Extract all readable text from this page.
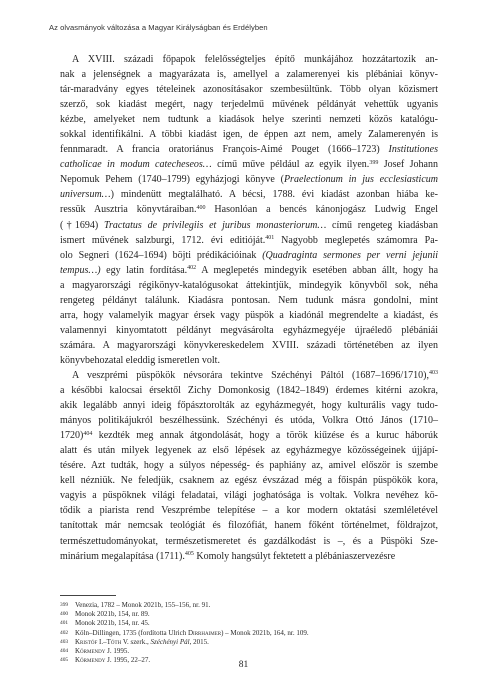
Az olvasmányok változása a Magyar Királyságban és Erdélyben
A XVIII. századi főpapok felelősségteljes építő munkájához hozzátartozik an-
nak a jelenségnek a magyarázata is, amellyel a zalamerenyei kis plébániai könyv-
tár-maradvány egyes tételeinek azonosításakor szembesültünk. Több olyan közismert
szerző, sok kiadást megért, nagy terjedelmű művének példányát vehettük ugyanis
kézbe, amelyeket nem tudtunk a kiadások helye szerinti nemzeti közös katalógu-
sokkal identifikálni. A többi kiadást igen, de éppen azt nem, amely Zalamerenyén is
fennmaradt. A francia oratoriánus François-Aimé Pouget (1666–1723) Institutiones
catholicae in modum catecheseos… című műve például az egyik ilyen.$^{399}$ Josef Johann
Nepomuk Pehem (1740–1799) egyházjogi könyve (Praelectionum in jus ecclesiasticum
universum…) mindenütt megtalálható. A bécsi, 1788. évi kiadást azonban hiába ke-
ressük Ausztria könyvtáraiban.$^{400}$ Hasonlóan a bencés kánonjogász Ludwig Engel
(†1694) Tractatus de privilegiis et juribus monasteriorum… című rengeteg kiadásban
ismert művének salzburgi, 1712. évi editióját.$^{401}$ Nagyobb meglepetés számomra Pa-
olo Segneri (1624–1694) böjti prédikációinak (Quadraginta sermones per verni jejunii
tempus…) egy latin fordítása.$^{402}$ A meglepetés mindegyik esetében abban állt, hogy ha
a magyarországi régikönyv-katalógusokat áttekintjük, mindegyik könyvből sok, néha
rengeteg példányt találunk. Kiadásra pontosan. Nem tudunk másra gondolni, mint
arra, hogy valamelyik magyar érsek vagy püspök a kiadónál megrendelte a kiadást, és
valamennyi kinyomtatott példányt megvásárolta egyházmegyéje újraéledő plébániái
számára. A magyarországi könyvkereskedelem XVIII. századi történetében az ilyen
könyvbehozatal eleddig ismeretlen volt.
A veszprémi püspökök névsorára tekintve Széchényi Páltól (1687–1696/1710),$^{403}$
a későbbi kalocsai érsektől Zichy Domonkosig (1842–1849) érdemes kitérni azokra,
akik legalább annyi ideig főpásztorolták az egyházmegyét, hogy kulturális vagy tudo-
mányos politikájukról beszélhessünk. Széchényi és utóda, Volkra Ottó János (1710–
1720)$^{404}$ kezdték meg annak átgondolását, hogy a török kiűzése és a kuruc háborúk
alatt és után milyek legyenek az első lépések az egyházmegye közösségeinek újjápí-
tésére. Azt tudták, hogy a súlyos népesség- és paphiány az, amivel először is szembe
kell nézniük. Ne feledjük, csaknem az egész évszázad még a főispán püspökök kora,
vagyis a püspöknek világi feladatai, világi joghatósága is voltak. Volkra nevéhez kö-
tődik a piarista rend Veszprémbe telepítése – a kor modern oktatási szemléletével
tanítottak már nemcsak teológiát és filozófiát, hanem főként történelmet, földrajzot,
természettudományokat, természetismeretet és gazdálkodást is –, és a Püspöki Sze-
minárium megalapítása (1711).$^{405}$ Komoly hangsúlyt fektetett a plébániaszervezésre
399 Venezia, 1782 – Monok 2021b, 155–156, nr. 91.
400 Monok 2021b, 154, nr. 89.
401 Monok 2021b, 154, nr. 45.
402 Köln–Dillingen, 1735 (fordította Ulrich Dirrhaimer) – Monok 2021b, 164, nr. 109.
403 Kristóf I.–Tóth V. szerk., Széchényi Pál, 2015.
404 Körmendy J. 1995.
405 Körmendy J. 1995, 22–27.	81
